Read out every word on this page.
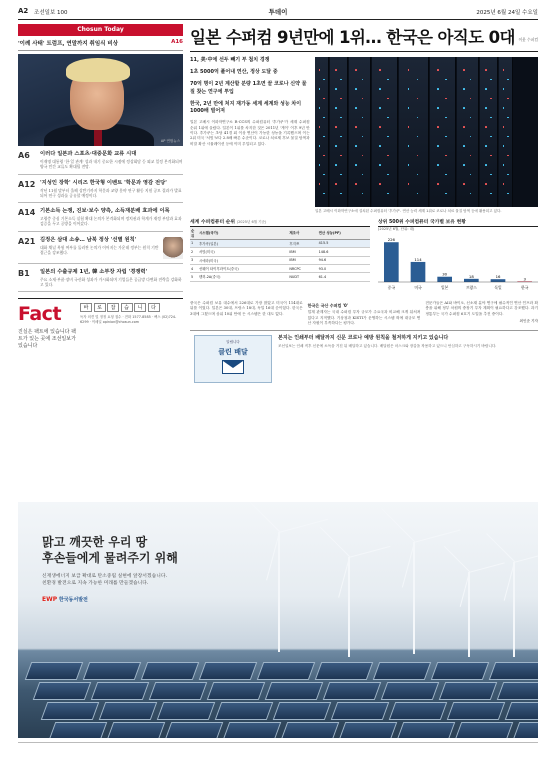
A2 조선일보 100	투데이	2025년 6월 24일 수요일
Chosun Today
'이례 사태' 트럼프, 연말까지 취임식 비상	A16
AP 연합뉴스
A6	이러다 일본과 스포츠·대중문화 교류 시대
이재명 대통령 '한·일 관계' 성과 내기 중요한 시점에 정상회담 등 외교 일정 본격화되며 양국 민간 교류도 확대될 전망.
A12 '지성인 장학' 시리즈 한국형 이벤트 '학문과 영감 전당'
작년 11월 말부터 올해 상반기까지 학문과 교양 분야 연구 활동 지원 공모 결과가 발표되어 연구 성과를 공유할 예정이다.
A14 기본소득 논쟁, 진보·보수 양측, 소득재분배 효과에 이목
고령층 중심 기본소득 실험 확대 논의가 본격화되며 정치권과 학계가 재정 부담과 효과 검증을 두고 공방을 이어갔다.
A21 김정은 삼대 소송… 남북 정상 '선별 원칙'
대화 채널 복원 여부를 둘러싼 논의가 이어지는 가운데 정부는 원칙 기반 접근을 강조했다.
B1	일본의 수출규제 1년, 韓 소부장 자립 '경쟁력'
주요 소재·부품·장비 국산화 성과가 가시화되며 기업들은 공급망 다변화 전략을 강화하고 있다.
Fact
진실은 팩트에 있습니다 팩트가 있는 곳에 조선일보가 있습니다
바	로	잡	습	니	다
독자 의견 및 정정 요청 접수 · 전화 1577-8585 · 팩스 (02)724-6299 · 이메일 opinion@chosun.com
일본 수퍼컴 9년만에 1위… 한국은 아직도 0대 이웃 수퍼컴

11, 美·中에 선두 빼기 부 첨치 경쟁

1초 5000억 풀어내 연산, 정상 도달 중

70억 명이 2년 계산할 분량 1초면 끝 코로나 신약 물질 찾는 연구에 투입

한국, 2년 만에 처지 재가동 세계 세계와 성능 차이 1000배 벌어져

일본 고베시 이화학연구소 R-CCS의 수퍼컴퓨터 '후가쿠'가 세계 수퍼컴 순위 1위에 올랐다. 일본이 1위를 차지한 것은 2011년 '게이' 이후 9년 만이다. 후가쿠는 초당 41경 회 이상 연산이 가능한 성능을 기록했으며 이는 2위 미국 '서밋'보다 2.8배 빠른 수준이다. 코로나 치료제 후보 물질 탐색과 비말 확산 시뮬레이션 등에 이미 투입되고 있다.
일본 고베시 이화학연구소에 설치된 수퍼컴퓨터 '후가쿠'. 연산 능력 세계 1위로 코로나 치료 물질 탐색 등에 활용되고 있다.
세계 수퍼컴퓨터 순위 (2025년 6월 기준)
순위	시스템(국가)	제조사	연산 성능(PF)
1	후가쿠(일본)	후지쯔	415.5
2	서밋(미국)	IBM	148.6
3	시에라(미국)	IBM	94.6
4	선웨이 타이후라이트(중국)	NRCPC	93.0
5	톈허-2A(중국)	NUDT	61.4
상위 500위 수퍼컴퓨터 국가별 보유 현황
(2025년 6월, 단위: 대)
226
중국
114
미국
30
일본
18
프랑스
16
독일
3
한국
중국은 수퍼컴 보유 대수에서 226대로 가장 많았고 미국이 114대로 뒤를 이었다. 일본은 30대, 프랑스 18대, 독일 16대 순이었다. 한국은 3대에 그쳤으며 상위 10위 안에 든 시스템은 한 대도 없다.
한국은 국산 수퍼컴 '0'
업계 관계자는 국내 수퍼컴 투자 규모가 주요국과 비교해 크게 뒤처져 있다고 지적했다. 기상청과 KISTI가 운영하는 시스템 외에 대규모 연산 자원이 부족하다는 평가다.
전문가들은 AI와 바이오, 신소재 분야 연구에 필수적인 연산 인프라 확충을 위해 정부 차원의 중장기 투자 계획이 필요하다고 강조했다. 과기정통부는 국가 수퍼컴 6호기 도입을 추진 중이다.
최인준 기자
알립니다
클린 배달
본지는 인쇄부터 배달까지 신문 코로나 예방 원칙을 철저하게 지키고 있습니다
조선일보는 인쇄 직후 신문에 소독을 거친 뒤 배달하고 있습니다. 배달원은 마스크와 장갑을 착용하고 있으니 안심하고 구독하시기 바랍니다.
맑고 깨끗한 우리 땅
후손들에게 물려주기 위해
신재생에너지 보급 확대로 탄소중립 실현에 앞장서겠습니다.
친환경 발전으로 지속 가능한 미래를 만들겠습니다.
EWP 한국동서발전
